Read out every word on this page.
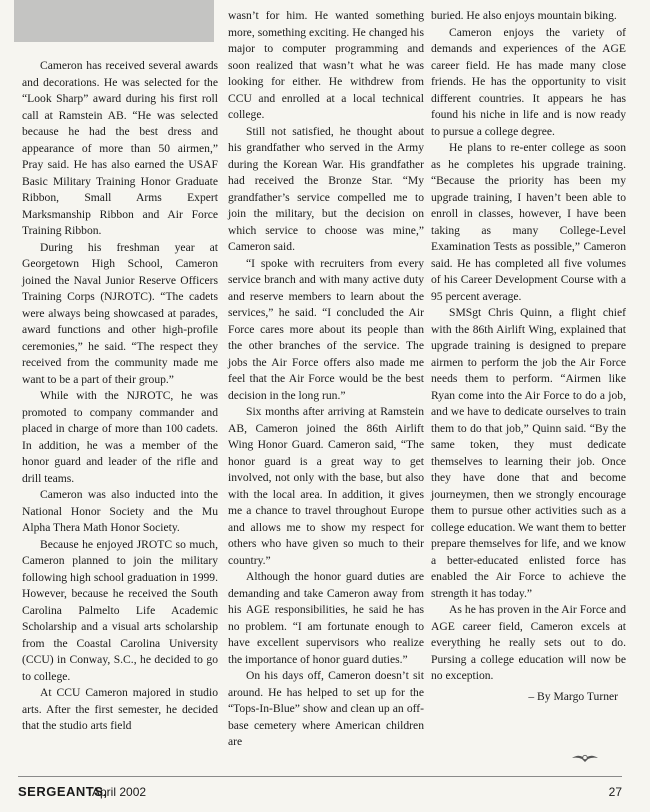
Cameron has received several awards and decorations. He was selected for the “Look Sharp” award during his first roll call at Ramstein AB. “He was selected because he had the best dress and appearance of more than 50 airmen,” Pray said. He has also earned the USAF Basic Military Training Honor Graduate Ribbon, Small Arms Expert Marksmanship Ribbon and Air Force Training Ribbon.

During his freshman year at Georgetown High School, Cameron joined the Naval Junior Reserve Officers Training Corps (NJROTC). “The cadets were always being showcased at parades, award functions and other high-profile ceremonies,” he said. “The respect they received from the community made me want to be a part of their group.”

While with the NJROTC, he was promoted to company commander and placed in charge of more than 100 cadets. In addition, he was a member of the honor guard and leader of the rifle and drill teams.

Cameron was also inducted into the National Honor Society and the Mu Alpha Thera Math Honor Society.

Because he enjoyed JROTC so much, Cameron planned to join the military following high school graduation in 1999. However, because he received the South Carolina Palmelto Life Academic Scholarship and a visual arts scholarship from the Coastal Carolina University (CCU) in Conway, S.C., he decided to go to college.

At CCU Cameron majored in studio arts. After the first semester, he decided that the studio arts field

wasn’t for him. He wanted something more, something exciting. He changed his major to computer programming and soon realized that wasn’t what he was looking for either. He withdrew from CCU and enrolled at a local technical college.

Still not satisfied, he thought about his grandfather who served in the Army during the Korean War. His grandfather had received the Bronze Star. “My grandfather’s service compelled me to join the military, but the decision on which service to choose was mine,” Cameron said.

“I spoke with recruiters from every service branch and with many active duty and reserve members to learn about the services,” he said. “I concluded the Air Force cares more about its people than the other branches of the service. The jobs the Air Force offers also made me feel that the Air Force would be the best decision in the long run.”

Six months after arriving at Ramstein AB, Cameron joined the 86th Airlift Wing Honor Guard. Cameron said, “The honor guard is a great way to get involved, not only with the base, but also with the local area. In addition, it gives me a chance to travel throughout Europe and allows me to show my respect for others who have given so much to their country.”

Although the honor guard duties are demanding and take Cameron away from his AGE responsibilities, he said he has no problem. “I am fortunate enough to have excellent supervisors who realize the importance of honor guard duties.”

On his days off, Cameron doesn’t sit around. He has helped to set up for the “Tops-In-Blue” show and clean up an off-base cemetery where American children are

buried. He also enjoys mountain biking.

Cameron enjoys the variety of demands and experiences of the AGE career field. He has made many close friends. He has the opportunity to visit different countries. It appears he has found his niche in life and is now ready to pursue a college degree.

He plans to re-enter college as soon as he completes his upgrade training. “Because the priority has been my upgrade training, I haven’t been able to enroll in classes, however, I have been taking as many College-Level Examination Tests as possible,” Cameron said. He has completed all five volumes of his Career Development Course with a 95 percent average.

SMSgt Chris Quinn, a flight chief with the 86th Airlift Wing, explained that upgrade training is designed to prepare airmen to perform the job the Air Force needs them to perform. “Airmen like Ryan come into the Air Force to do a job, and we have to dedicate ourselves to train them to do that job,” Quinn said. “By the same token, they must dedicate themselves to learning their job. Once they have done that and become journeymen, then we strongly encourage them to pursue other activities such as a college education. We want them to better prepare themselves for life, and we know a better-educated enlisted force has enabled the Air Force to achieve the strength it has today.”

As he has proven in the Air Force and AGE career field, Cameron excels at everything he really sets out to do. Pursing a college education will now be no exception.

– By Margo Turner

SERGEANTS,
April 2002	27
